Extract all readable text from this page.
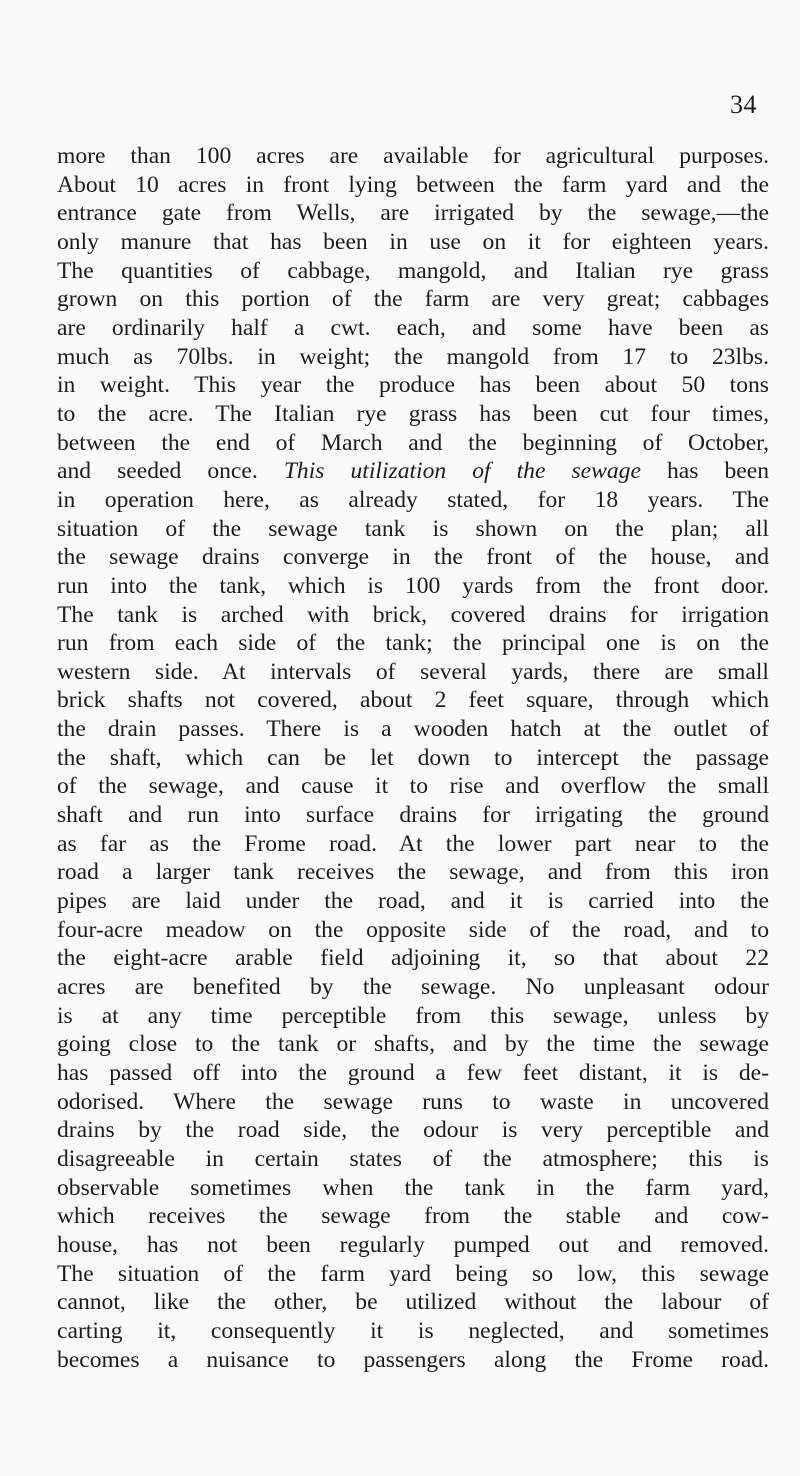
34
more than 100 acres are available for agricultural purposes.
About 10 acres in front lying between the farm yard and the
entrance gate from Wells, are irrigated by the sewage,—the
only manure that has been in use on it for eighteen years.
The quantities of cabbage, mangold, and Italian rye grass
grown on this portion of the farm are very great; cabbages
are ordinarily half a cwt. each, and some have been as
much as 70lbs. in weight; the mangold from 17 to 23lbs.
in weight. This year the produce has been about 50 tons
to the acre. The Italian rye grass has been cut four times,
between the end of March and the beginning of October,
and seeded once. This utilization of the sewage has been
in operation here, as already stated, for 18 years. The
situation of the sewage tank is shown on the plan; all
the sewage drains converge in the front of the house, and
run into the tank, which is 100 yards from the front door.
The tank is arched with brick, covered drains for irrigation
run from each side of the tank; the principal one is on the
western side. At intervals of several yards, there are small
brick shafts not covered, about 2 feet square, through which
the drain passes. There is a wooden hatch at the outlet of
the shaft, which can be let down to intercept the passage
of the sewage, and cause it to rise and overflow the small
shaft and run into surface drains for irrigating the ground
as far as the Frome road. At the lower part near to the
road a larger tank receives the sewage, and from this iron
pipes are laid under the road, and it is carried into the
four-acre meadow on the opposite side of the road, and to
the eight-acre arable field adjoining it, so that about 22
acres are benefited by the sewage. No unpleasant odour
is at any time perceptible from this sewage, unless by
going close to the tank or shafts, and by the time the sewage
has passed off into the ground a few feet distant, it is de-
odorised. Where the sewage runs to waste in uncovered
drains by the road side, the odour is very perceptible and
disagreeable in certain states of the atmosphere; this is
observable sometimes when the tank in the farm yard,
which receives the sewage from the stable and cow-
house, has not been regularly pumped out and removed.
The situation of the farm yard being so low, this sewage
cannot, like the other, be utilized without the labour of
carting it, consequently it is neglected, and sometimes
becomes a nuisance to passengers along the Frome road.
